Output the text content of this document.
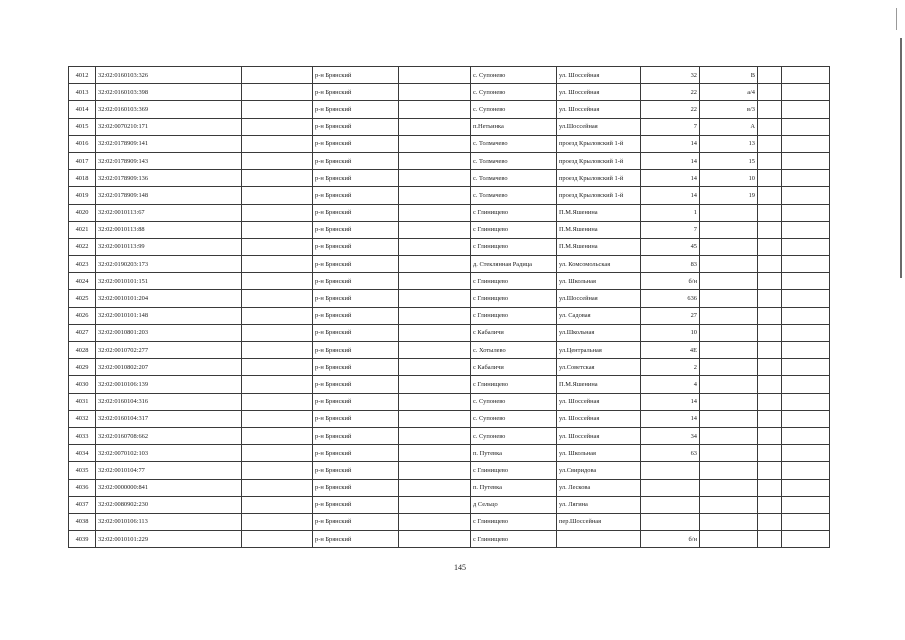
4012	32:02:0160103:326		р-н Брянский		с. Супонево	ул. Шоссейная	32	В		
4013	32:02:0160103:398		р-н Брянский		с. Супонево	ул. Шоссейная	22	а/4		
4014	32:02:0160103:369		р-н Брянский		с. Супонево	ул. Шоссейная	22	в/3		
4015	32:02:0070210:171		р-н Брянский		п.Нетьинка	ул.Шоссейная	7	А		
4016	32:02:0178909:141		р-н Брянский		с. Толмачево	проезд Крыловский 1-й	14	13		
4017	32:02:0178909:143		р-н Брянский		с. Толмачево	проезд Крыловский 1-й	14	15		
4018	32:02:0178909:136		р-н Брянский		с. Толмачево	проезд Крыловский 1-й	14	10		
4019	32:02:0178909:148		р-н Брянский		с. Толмачево	проезд Крыловский 1-й	14	19		
4020	32:02:0010113:67		р-н Брянский		с Глинищево	П.М.Яшенина	1			
4021	32:02:0010113:88		р-н Брянский		с Глинищево	П.М.Яшенина	7			
4022	32:02:0010113:99		р-н Брянский		с Глинищево	П.М.Яшенина	45			
4023	32:02:0190203:173		р-н Брянский		д. Стеклянная Радица	ул. Комсомольская	83			
4024	32:02:0010101:151		р-н Брянский		с Глинищево	ул. Школьная	б/н			
4025	32:02:0010101:204		р-н Брянский		с Глинищево	ул.Шоссейная	636			
4026	32:02:0010101:148		р-н Брянский		с Глинищево	ул. Садовая	27			
4027	32:02:0010801:203		р-н Брянский		с Кабаличи	ул.Школьная	10			
4028	32:02:0010702:277		р-н Брянский		с. Хотылево	ул.Центральная	4Е			
4029	32:02:0010802:207		р-н Брянский		с Кабаличи	ул.Советская	2			
4030	32:02:0010106:139		р-н Брянский		с Глинищево	П.М.Яшенина	4			
4031	32:02:0160104:316		р-н Брянский		с. Супонево	ул. Шоссейная	14			
4032	32:02:0160104:317		р-н Брянский		с. Супонево	ул. Шоссейная	14			
4033	32:02:0160708:662		р-н Брянский		с. Супонево	ул. Шоссейная	34			
4034	32:02:0070102:103		р-н Брянский		п. Путевка	ул. Школьная	63			
4035	32:02:0010104:77		р-н Брянский		с Глинищево	ул.Свиридова				
4036	32:02:0000000:841		р-н Брянский		п. Путевка	ул. Лескова				
4037	32:02:0080902:230		р-н Брянский		д Сельцо	ул. Лягина				
4038	32:02:0010106:113		р-н Брянский		с Глинищево	пер.Шоссейная				
4039	32:02:0010101:229		р-н Брянский		с Глинищево		б/н			
145
